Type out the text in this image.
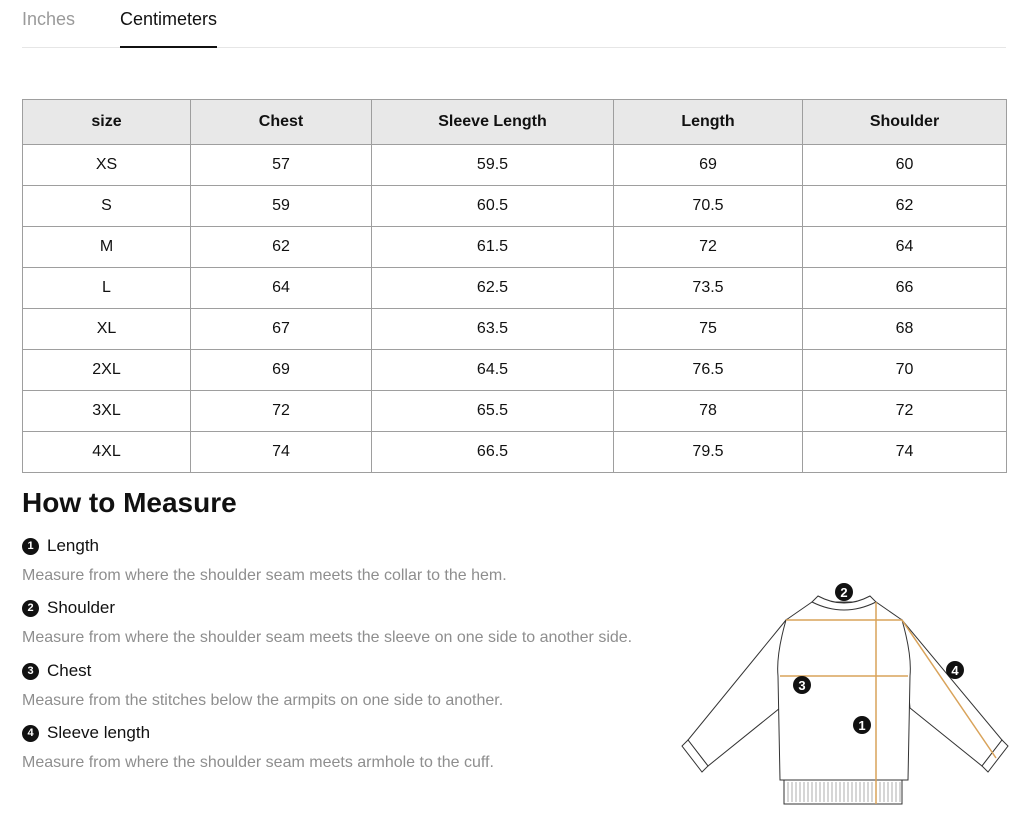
Inches Centimeters
size	Chest	Sleeve Length	Length	Shoulder
XS	57	59.5	69	60
S	59	60.5	70.5	62
M	62	61.5	72	64
L	64	62.5	73.5	66
XL	67	63.5	75	68
2XL	69	64.5	76.5	70
3XL	72	65.5	78	72
4XL	74	66.5	79.5	74
How to Measure
1 Length
Measure from where the shoulder seam meets the collar to the hem.
2 Shoulder
Measure from where the shoulder seam meets the sleeve on one side to another side.
3 Chest
Measure from the stitches below the armpits on one side to another.
4 Sleeve length
Measure from where the shoulder seam meets armhole to the cuff.
2
4
3
1
